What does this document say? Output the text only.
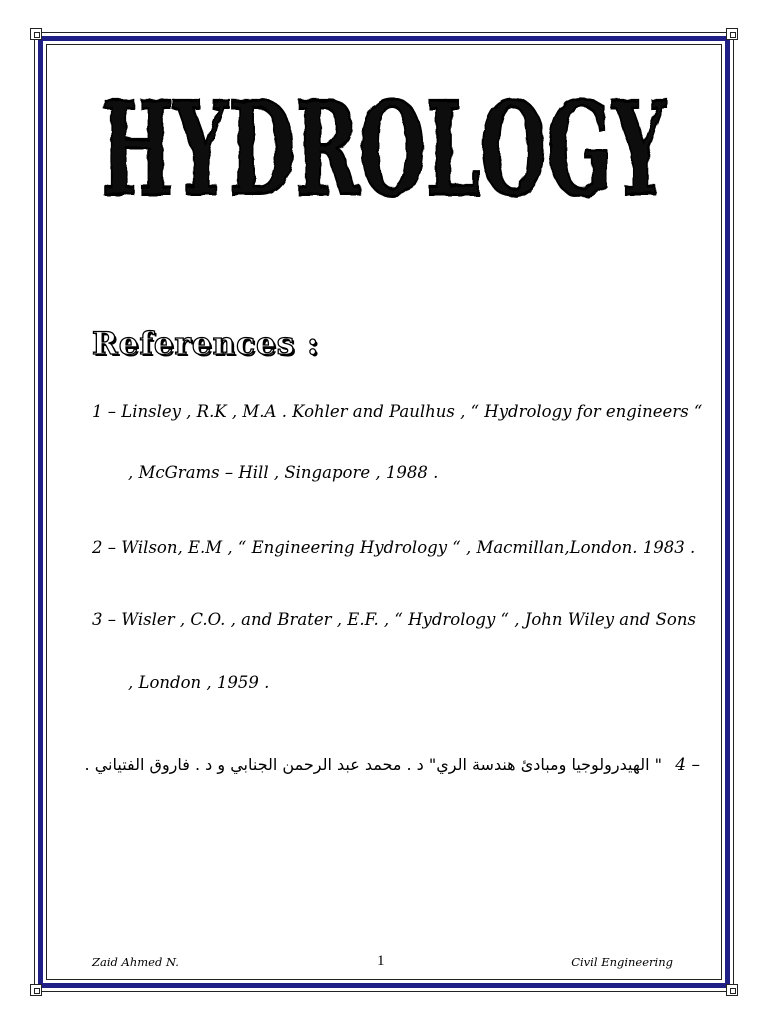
HYDROLOGY
References :
1 – Linsley , R.K , M.A . Kohler and Paulhus , “ Hydrology for engineers “
, McGrams – Hill , Singapore , 1988 .
2 – Wilson, E.M , “ Engineering Hydrology “ , Macmillan,London. 1983 .
3 – Wisler , C.O. , and Brater , E.F. , “ Hydrology “ , John Wiley and Sons
, London , 1959 .
4 –
" الهيدرولوجيا ومبادئ هندسة الري" د . محمد عبد الرحمن الجنابي و د . فاروق الفتياني .
Zaid Ahmed N.	1	Civil Engineering
